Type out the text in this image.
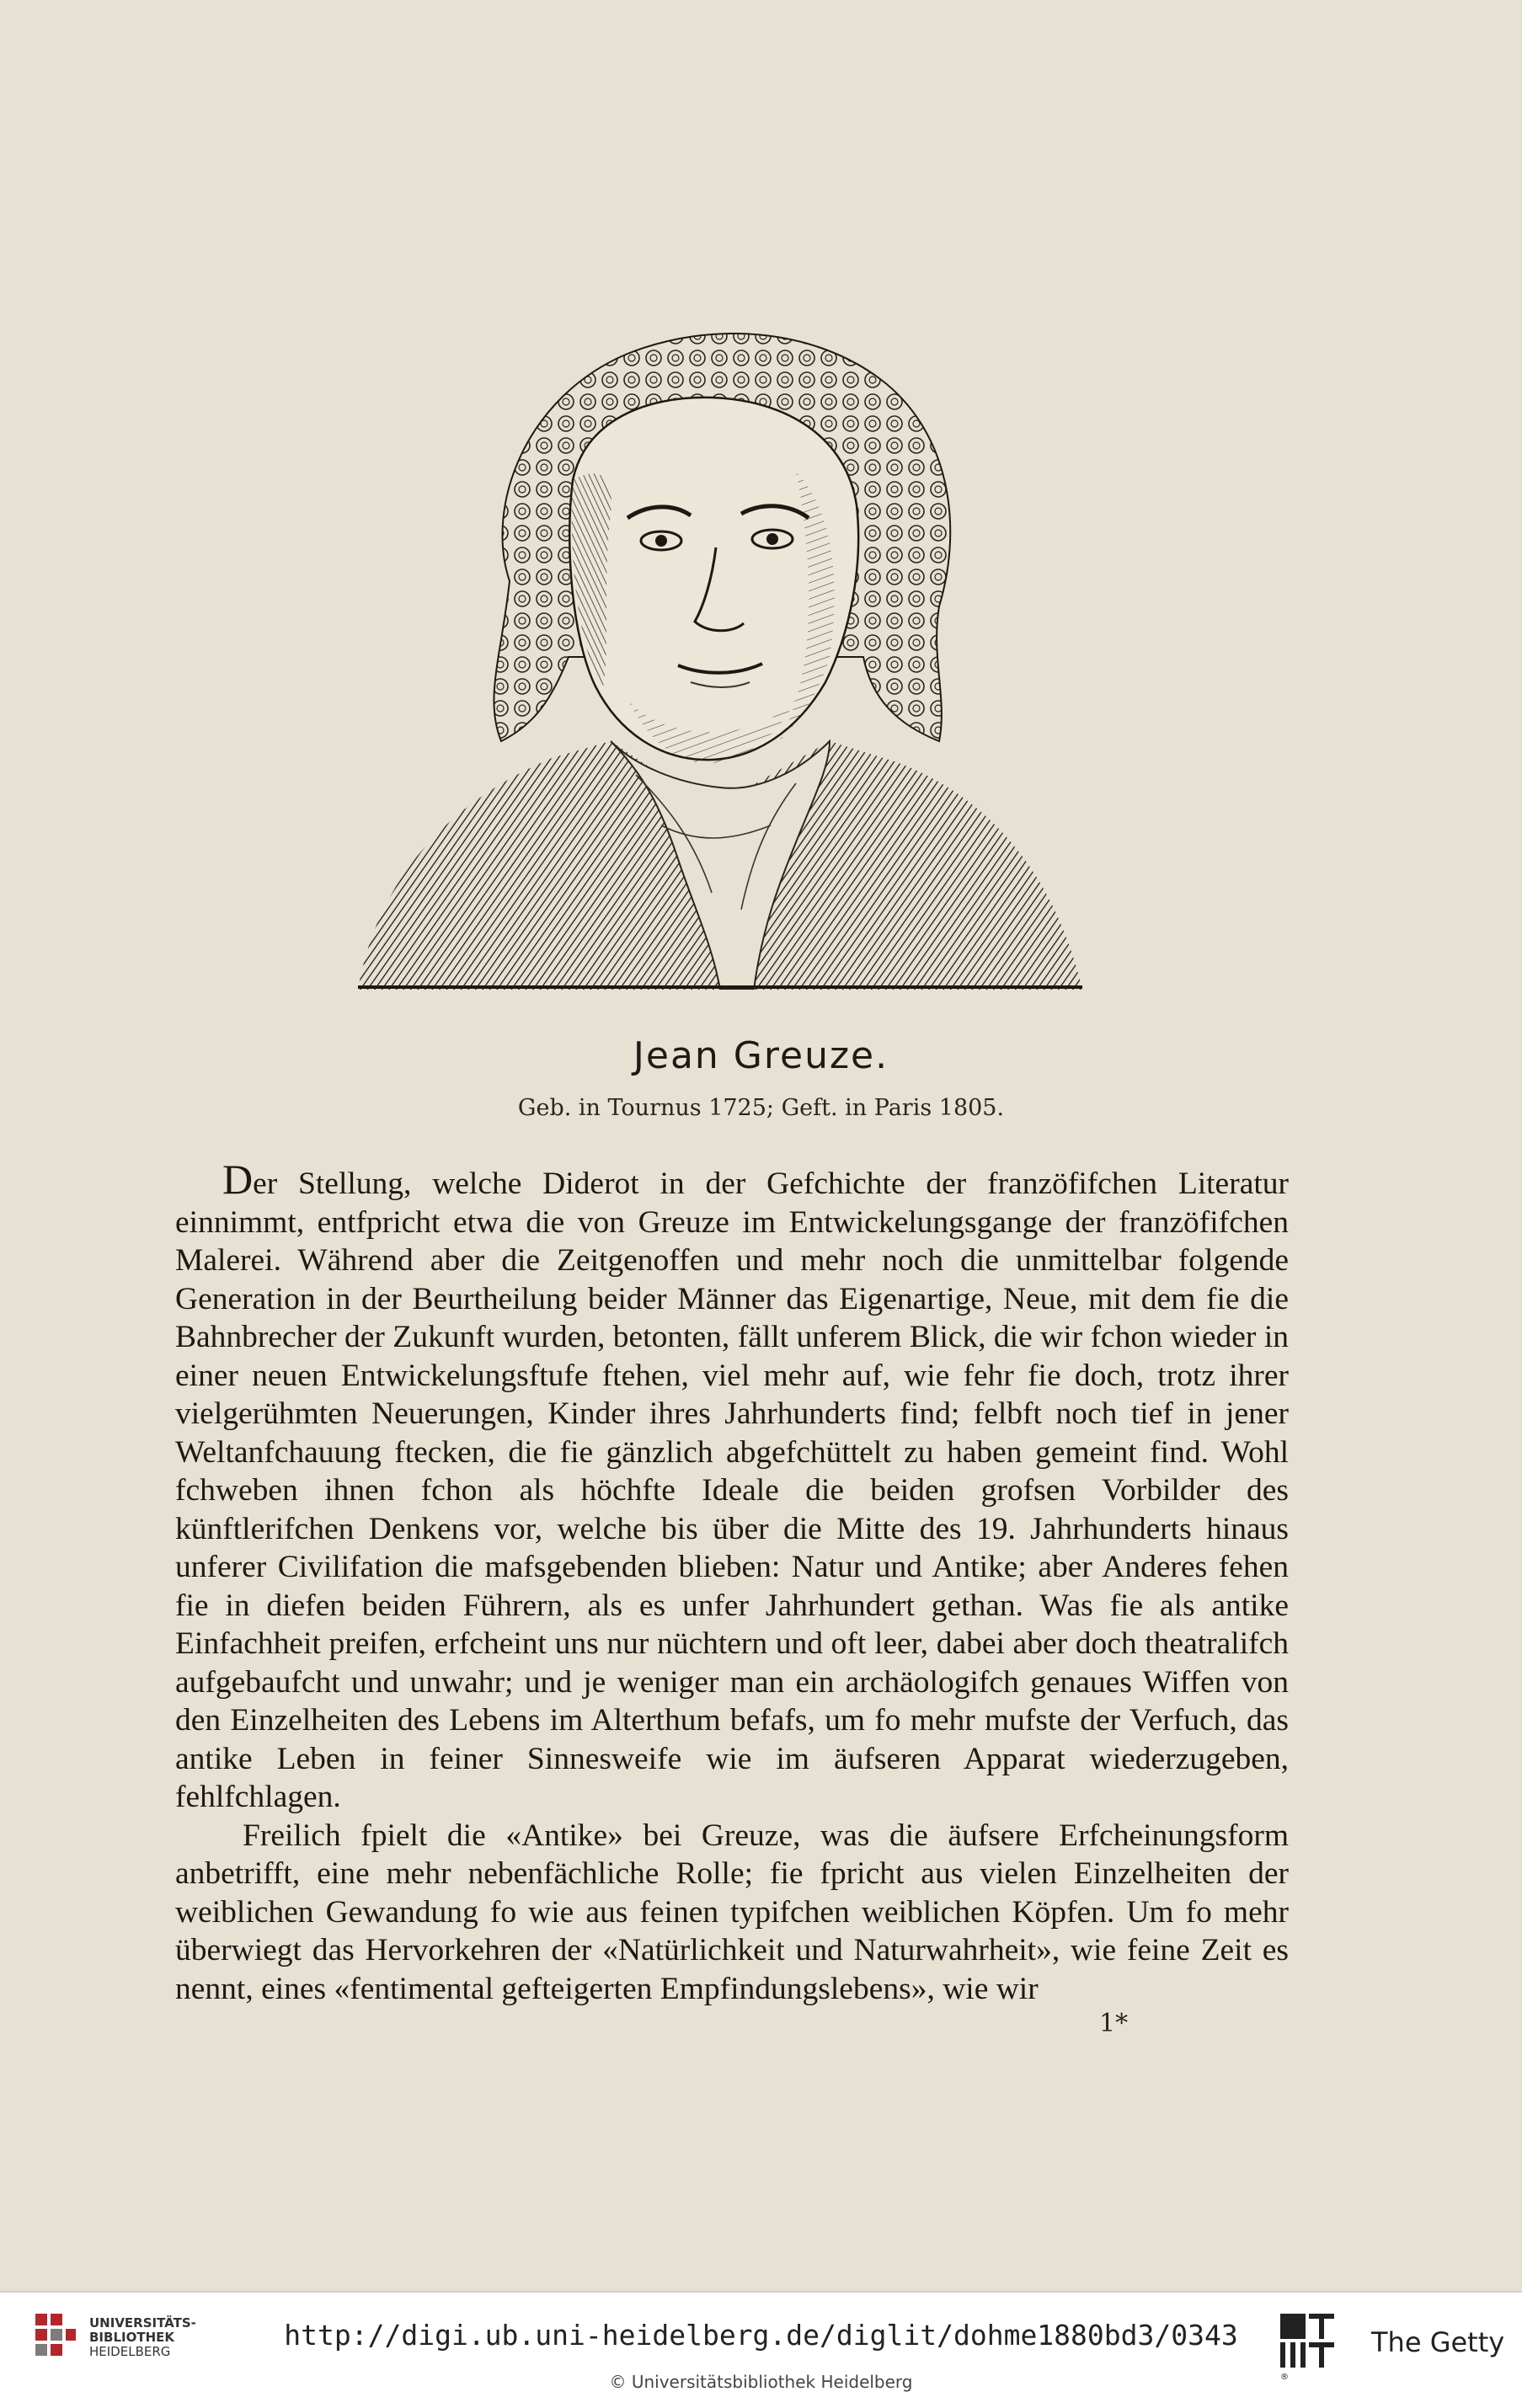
Jean Greuze.
Geb. in Tournus 1725; Geft. in Paris 1805.

Der Stellung, welche Diderot in der Gefchichte der franzöfifchen Literatur einnimmt, entfpricht etwa die von Greuze im Entwickelungsgange der franzöfifchen Malerei. Während aber die Zeitgenoffen und mehr noch die unmittelbar folgende Generation in der Beurtheilung beider Männer das Eigenartige, Neue, mit dem fie die Bahnbrecher der Zukunft wurden, betonten, fällt unferem Blick, die wir fchon wieder in einer neuen Entwickelungsftufe ftehen, viel mehr auf, wie fehr fie doch, trotz ihrer vielgerühmten Neuerungen, Kinder ihres Jahrhunderts find; felbft noch tief in jener Weltanfchauung ftecken, die fie gänzlich abgefchüttelt zu haben gemeint find. Wohl fchweben ihnen fchon als höchfte Ideale die beiden grofsen Vorbilder des künftlerifchen Denkens vor, welche bis über die Mitte des 19. Jahrhunderts hinaus unferer Civilifation die mafsgebenden blieben: Natur und Antike; aber Anderes fehen fie in diefen beiden Führern, als es unfer Jahrhundert gethan. Was fie als antike Einfachheit preifen, erfcheint uns nur nüchtern und oft leer, dabei aber doch theatralifch aufgebaufcht und unwahr; und je weniger man ein archäologifch genaues Wiffen von den Einzelheiten des Lebens im Alterthum befafs, um fo mehr mufste der Verfuch, das antike Leben in feiner Sinnesweife wie im äufseren Apparat wiederzugeben, fehlfchlagen.

Freilich fpielt die «Antike» bei Greuze, was die äufsere Erfcheinungsform anbetrifft, eine mehr nebenfächliche Rolle; fie fpricht aus vielen Einzelheiten der weiblichen Gewandung fo wie aus feinen typifchen weiblichen Köpfen. Um fo mehr überwiegt das Hervorkehren der «Natürlichkeit und Naturwahrheit», wie feine Zeit es nennt, eines «fentimental gefteigerten Empfindungslebens», wie wir

1*
UNIVERSITÄTS-
BIBLIOTHEK
HEIDELBERG	http://digi.ub.uni-heidelberg.de/diglit/dohme1880bd3/0343
© Universitätsbibliothek Heidelberg	®
The Getty
